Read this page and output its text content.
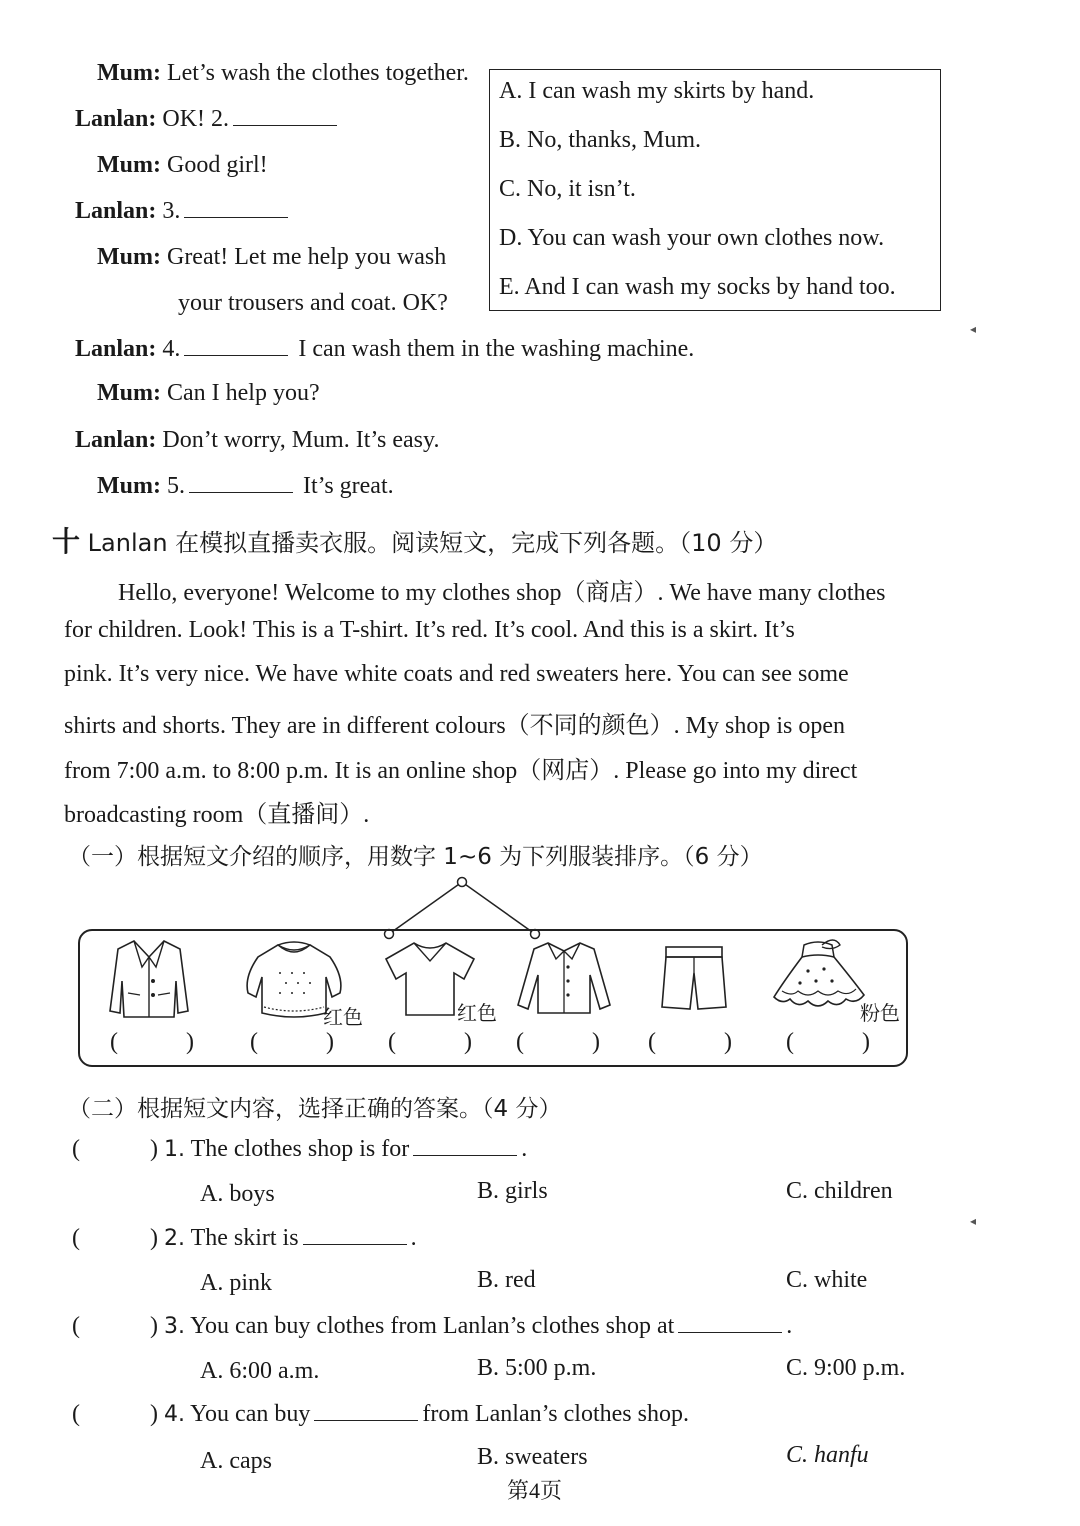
Mum: Let’s wash the clothes together.
Lanlan: OK! 2.
Mum: Good girl!
Lanlan: 3.
Mum: Great! Let me help you wash
your trousers and coat. OK?
Lanlan: 4.	I can wash them in the washing machine.
Mum: Can I help you?
Lanlan: Don’t worry, Mum. It’s easy.
Mum: 5.	It’s great.
A. I can wash my skirts by hand.
B. No, thanks, Mum.
C. No, it isn’t.
D. You can wash your own clothes now.
E. And I can wash my socks by hand too.
◂
◂
十 Lanlan 在模拟直播卖衣服。阅读短文，完成下列各题。（10 分）
Hello, everyone! Welcome to my clothes shop（商店）. We have many clothes
for children. Look! This is a T-shirt. It’s red. It’s cool. And this is a skirt. It’s
pink. It’s very nice. We have white coats and red sweaters here. You can see some
shirts and shorts. They are in different colours（不同的颜色）. My shop is open
from 7:00 a.m. to 8:00 p.m. It is an online shop（网店）. Please go into my direct
broadcasting room（直播间）.
（一）根据短文介绍的顺序，用数字 1~6 为下列服装排序。（6 分）
红色	红色	粉色
(	) (	) (	) (	) (	) (	)
（二）根据短文内容，选择正确的答案。（4 分）
(	) 1. The clothes shop is for	.
A. boys	B. girls	C. children
(	) 2. The skirt is	.
A. pink	B. red	C. white
(	) 3. You can buy clothes from Lanlan’s clothes shop at	.
A. 6:00 a.m.	B. 5:00 p.m.	C. 9:00 p.m.
(	) 4. You can buy	from Lanlan’s clothes shop.
A. caps	B. sweaters	C. hanfu
第4页
